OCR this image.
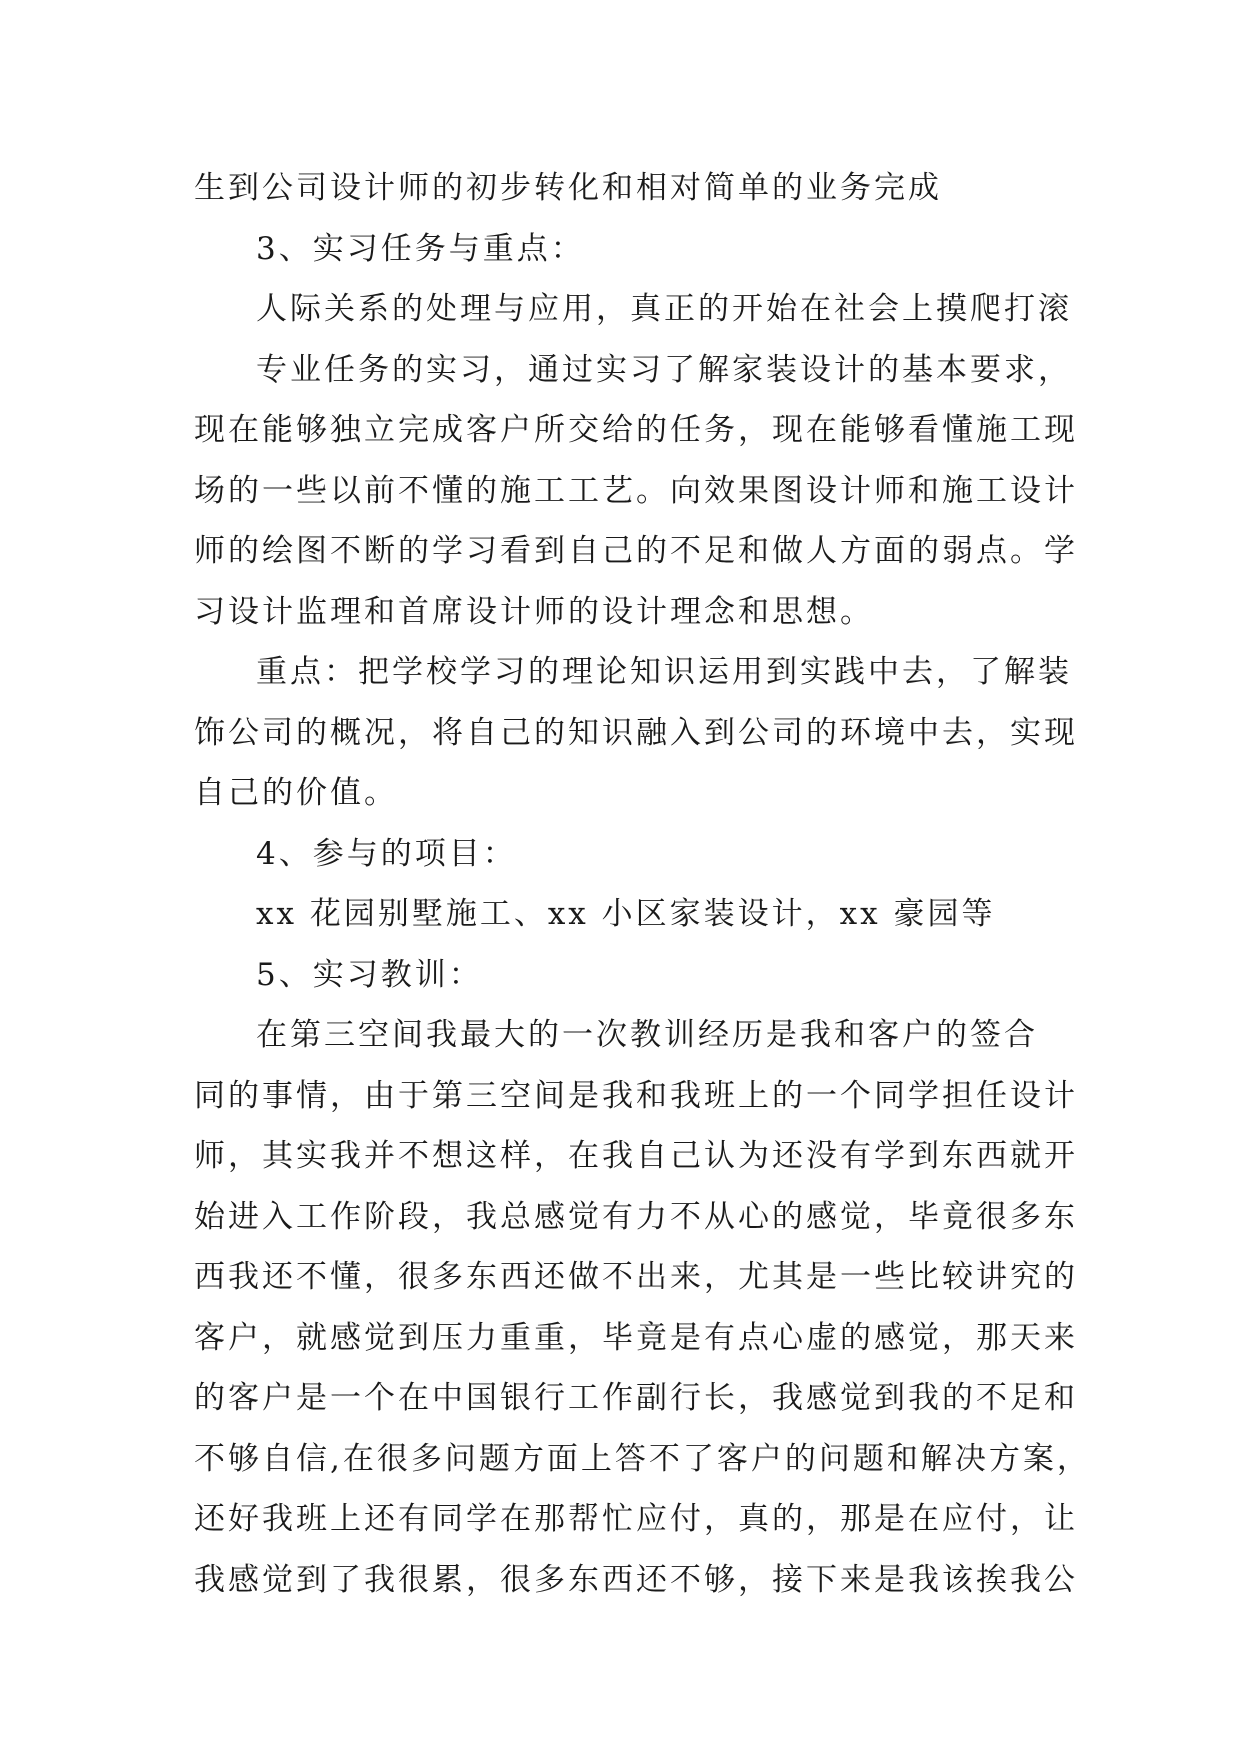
生到公司设计师的初步转化和相对简单的业务完成
3、实习任务与重点：
人际关系的处理与应用，真正的开始在社会上摸爬打滚
专业任务的实习，通过实习了解家装设计的基本要求，
现在能够独立完成客户所交给的任务，现在能够看懂施工现
场的一些以前不懂的施工工艺。向效果图设计师和施工设计
师的绘图不断的学习看到自己的不足和做人方面的弱点。学
习设计监理和首席设计师的设计理念和思想。
重点：把学校学习的理论知识运用到实践中去，了解装
饰公司的概况，将自己的知识融入到公司的环境中去，实现
自己的价值。
4、参与的项目：
xx 花园别墅施工、xx 小区家装设计，xx 豪园等
5、实习教训：
在第三空间我最大的一次教训经历是我和客户的签合
同的事情，由于第三空间是我和我班上的一个同学担任设计
师，其实我并不想这样，在我自己认为还没有学到东西就开
始进入工作阶段，我总感觉有力不从心的感觉，毕竟很多东
西我还不懂，很多东西还做不出来，尤其是一些比较讲究的
客户，就感觉到压力重重，毕竟是有点心虚的感觉，那天来
的客户是一个在中国银行工作副行长，我感觉到我的不足和
不够自信,在很多问题方面上答不了客户的问题和解决方案，
还好我班上还有同学在那帮忙应付，真的，那是在应付，让
我感觉到了我很累，很多东西还不够，接下来是我该挨我公
